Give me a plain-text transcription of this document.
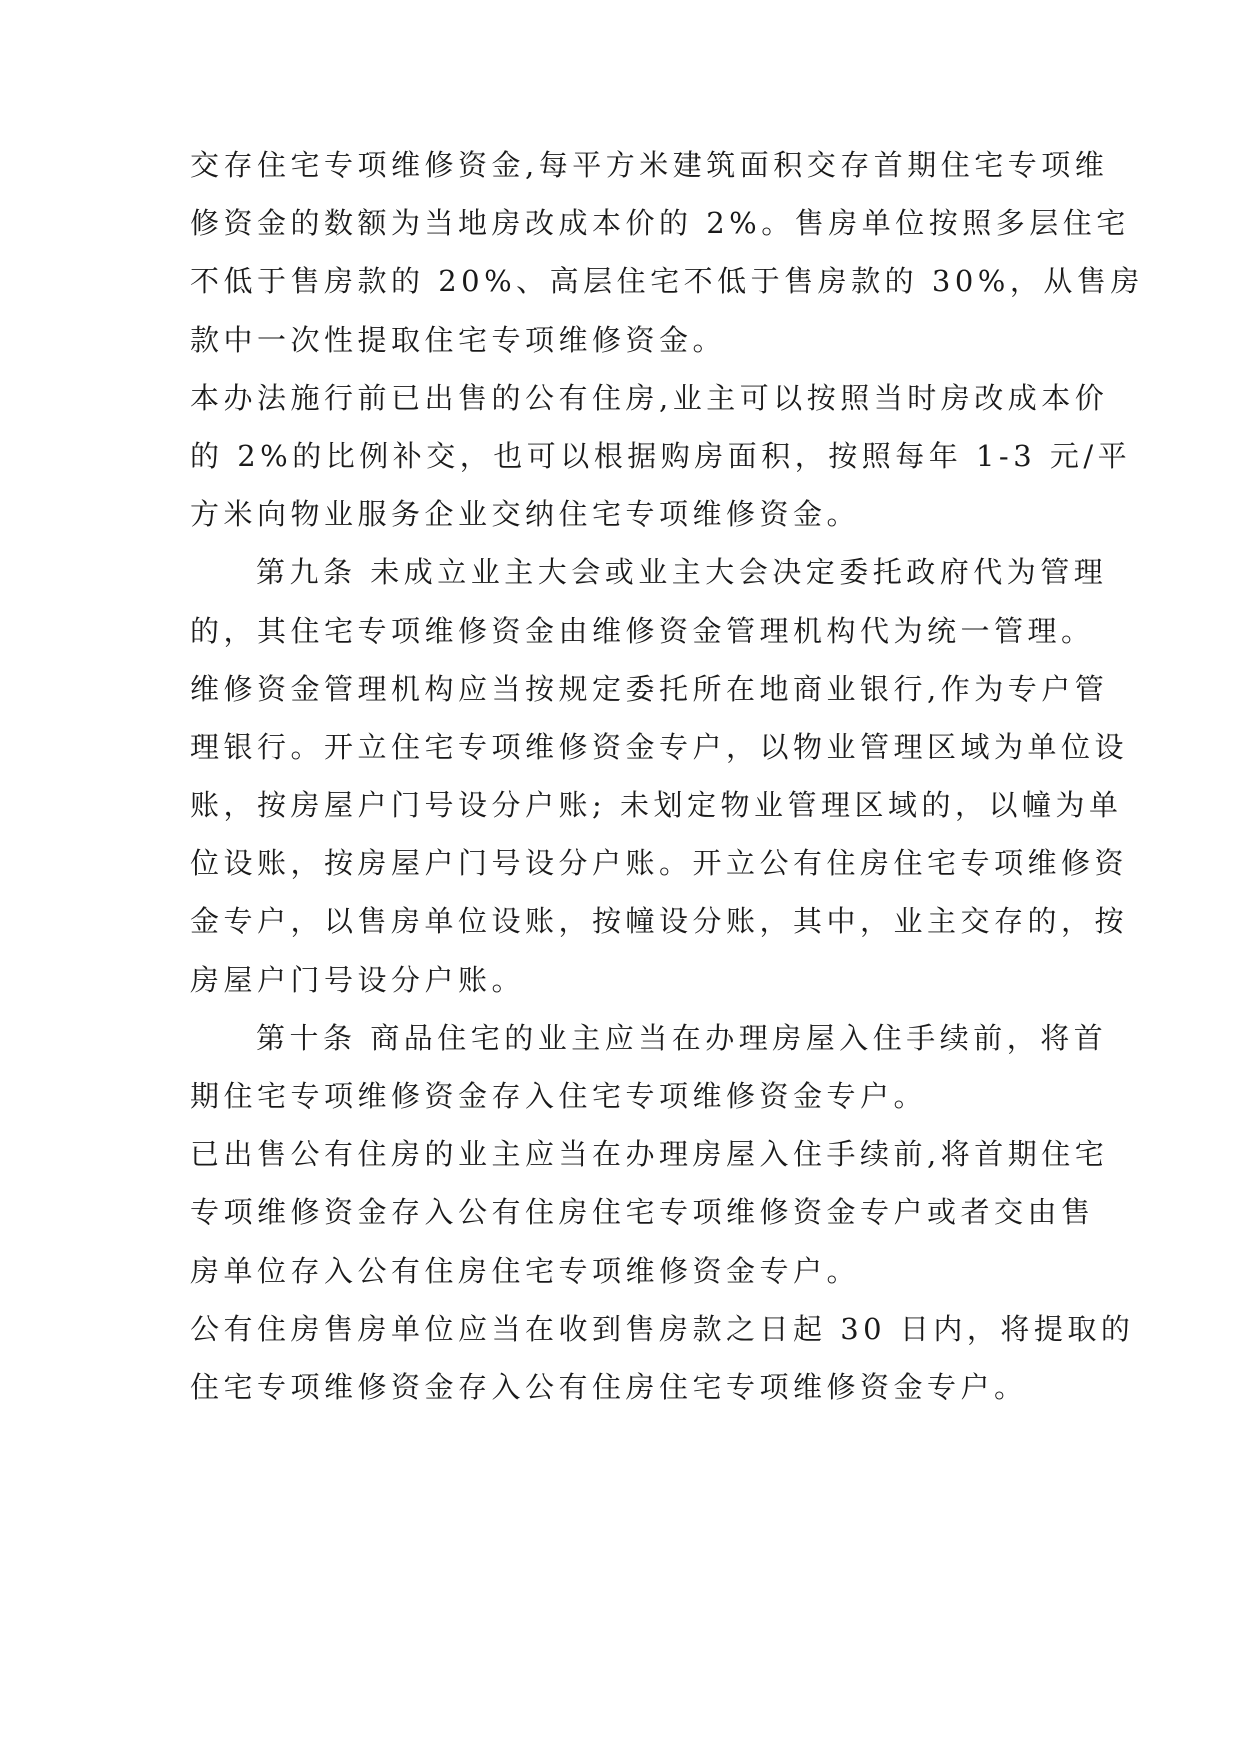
交存住宅专项维修资金,每平方米建筑面积交存首期住宅专项维
修资金的数额为当地房改成本价的 2%。售房单位按照多层住宅
不低于售房款的 20%、高层住宅不低于售房款的 30%，从售房
款中一次性提取住宅专项维修资金。
本办法施行前已出售的公有住房,业主可以按照当时房改成本价
的 2%的比例补交，也可以根据购房面积，按照每年 1-3 元/平
方米向物业服务企业交纳住宅专项维修资金。
第九条 未成立业主大会或业主大会决定委托政府代为管理
的，其住宅专项维修资金由维修资金管理机构代为统一管理。
维修资金管理机构应当按规定委托所在地商业银行,作为专户管
理银行。开立住宅专项维修资金专户，以物业管理区域为单位设
账，按房屋户门号设分户账; 未划定物业管理区域的，以幢为单
位设账，按房屋户门号设分户账。开立公有住房住宅专项维修资
金专户，以售房单位设账，按幢设分账，其中，业主交存的，按
房屋户门号设分户账。
第十条 商品住宅的业主应当在办理房屋入住手续前，将首
期住宅专项维修资金存入住宅专项维修资金专户。
已出售公有住房的业主应当在办理房屋入住手续前,将首期住宅
专项维修资金存入公有住房住宅专项维修资金专户或者交由售
房单位存入公有住房住宅专项维修资金专户。
公有住房售房单位应当在收到售房款之日起 30 日内，将提取的
住宅专项维修资金存入公有住房住宅专项维修资金专户。
